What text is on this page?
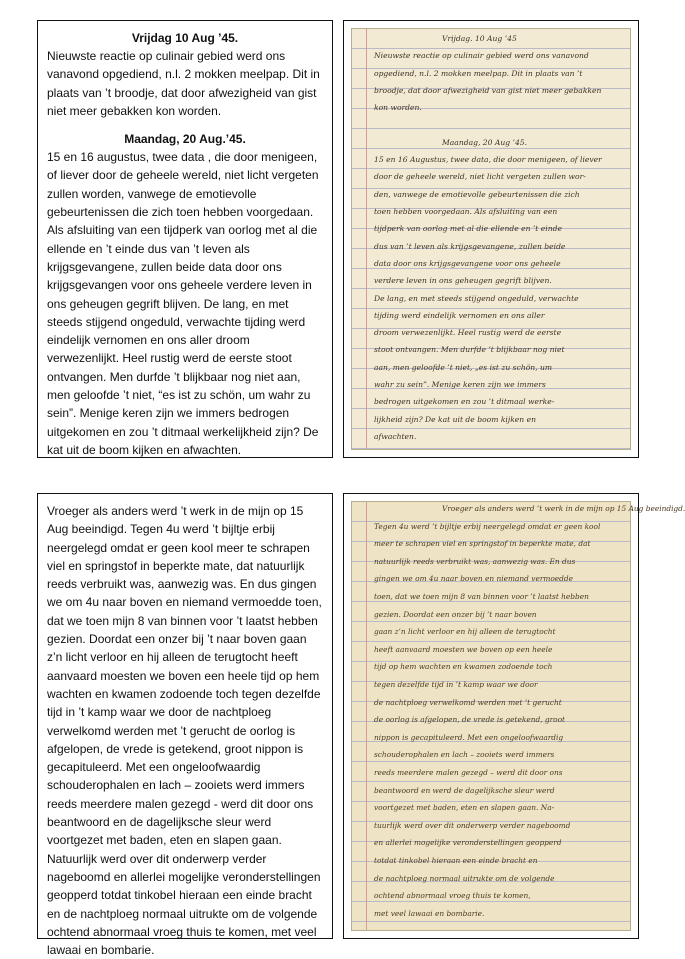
Vrijdag 10 Aug ’45.

Nieuwste reactie op culinair gebied werd ons vanavond opgediend, n.l. 2 mokken meelpap. Dit in plaats van ’t broodje, dat door afwezigheid van gist niet meer gebakken kon worden.

Maandag, 20 Aug.’45.

15 en 16 augustus, twee data , die door menigeen, of liever door de geheele wereld, niet licht vergeten zullen worden, vanwege de emotievolle gebeurtenissen die zich toen hebben voorgedaan. Als afsluiting van een tijdperk van oorlog met al die ellende en ’t einde dus van ’t leven als krijgsgevangene, zullen beide data door ons krijgsgevangen voor ons geheele verdere leven in ons geheugen gegrift blijven. De lang, en met steeds stijgend ongeduld, verwachte tijding werd eindelijk vernomen en ons aller droom verwezenlijkt. Heel rustig werd de eerste stoot ontvangen. Men durfde ’t blijkbaar nog niet aan, men geloofde ’t niet, “es ist zu schön, um wahr zu sein”. Menige keren zijn we immers bedrogen uitgekomen en zou ’t ditmaal werkelijkheid zijn? De kat uit de boom kijken en afwachten.

Vrijdag. 10 Aug ’45
Nieuwste reactie op culinair gebied werd ons vanavond
opgediend, n.l. 2 mokken meelpap. Dit in plaats van ’t
broodje, dat door afwezigheid van gist niet meer gebakken
kon worden.
Maandag, 20 Aug ’45.
15 en 16 Augustus, twee data, die door menigeen, of liever
door de geheele wereld, niet licht vergeten zullen wor-
den, vanwege de emotievolle gebeurtenissen die zich
toen hebben voorgedaan. Als afsluiting van een
tijdperk van oorlog met al die ellende en ’t einde
dus van ’t leven als krijgsgevangene, zullen beide
data door ons krijgsgevangene voor ons geheele
verdere leven in ons geheugen gegrift blijven.
De lang, en met steeds stijgend ongeduld, verwachte
tijding werd eindelijk vernomen en ons aller
droom verwezenlijkt. Heel rustig werd de eerste
stoot ontvangen. Men durfde ’t blijkbaar nog niet
aan, men geloofde ’t niet, „es ist zu schön, um
wahr zu sein”. Menige keren zijn we immers
bedrogen uitgekomen en zou ’t ditmaal werke-
lijkheid zijn? De kat uit de boom kijken en
afwachten.

Vroeger als anders werd ’t werk in de mijn op 15 Aug beeindigd. Tegen 4u werd ’t bijltje erbij neergelegd omdat er geen kool meer te schrapen viel en springstof in beperkte mate, dat natuurlijk reeds verbruikt was, aanwezig was. En dus gingen we om 4u naar boven en niemand vermoedde toen, dat we toen mijn 8 van binnen voor ’t laatst hebben gezien. Doordat een onzer bij ’t naar boven gaan z’n licht verloor en hij alleen de terugtocht heeft aanvaard moesten we boven een heele tijd op hem wachten en kwamen zodoende toch tegen dezelfde tijd in ’t kamp waar we door de nachtploeg verwelkomd werden met ’t gerucht de oorlog is afgelopen, de vrede is getekend, groot nippon is gecapituleerd. Met een ongeloofwaardig schouderophalen en lach – zooiets werd immers reeds meerdere malen gezegd - werd dit door ons beantwoord en de dagelijksche sleur werd voortgezet met baden, eten en slapen gaan. Natuurlijk werd over dit onderwerp verder nageboomd en allerlei mogelijke veronderstellingen geopperd totdat tinkobel hieraan een einde bracht en de nachtploeg normaal uitrukte om de volgende ochtend abnormaal vroeg thuis te komen, met veel lawaai en bombarie.

Vroeger als anders werd ’t werk in de mijn op 15 Aug beeindigd.
Tegen 4u werd ’t bijltje erbij neergelegd omdat er geen kool
meer te schrapen viel en springstof in beperkte mate, dat
natuurlijk reeds verbruikt was, aanwezig was. En dus
gingen we om 4u naar boven en niemand vermoedde
toen, dat we toen mijn 8 van binnen voor ’t laatst hebben
gezien. Doordat een onzer bij ’t naar boven
gaan z’n licht verloor en hij alleen de terugtocht
heeft aanvaard moesten we boven op een heele
tijd op hem wachten en kwamen zodoende toch
tegen dezelfde tijd in ’t kamp waar we door
de nachtploeg verwelkomd werden met ’t gerucht
de oorlog is afgelopen, de vrede is getekend, groot
nippon is gecapituleerd. Met een ongeloofwaardig
schouderophalen en lach – zooiets werd immers
reeds meerdere malen gezegd – werd dit door ons
beantwoord en werd de dagelijksche sleur werd
voortgezet met baden, eten en slapen gaan. Na-
tuurlijk werd over dit onderwerp verder nageboomd
en allerlei mogelijke veronderstellingen geopperd
totdat tinkobel hieraan een einde bracht en
de nachtploeg normaal uitrukte om de volgende
ochtend abnormaal vroeg thuis te komen,
met veel lawaai en bombarie.
